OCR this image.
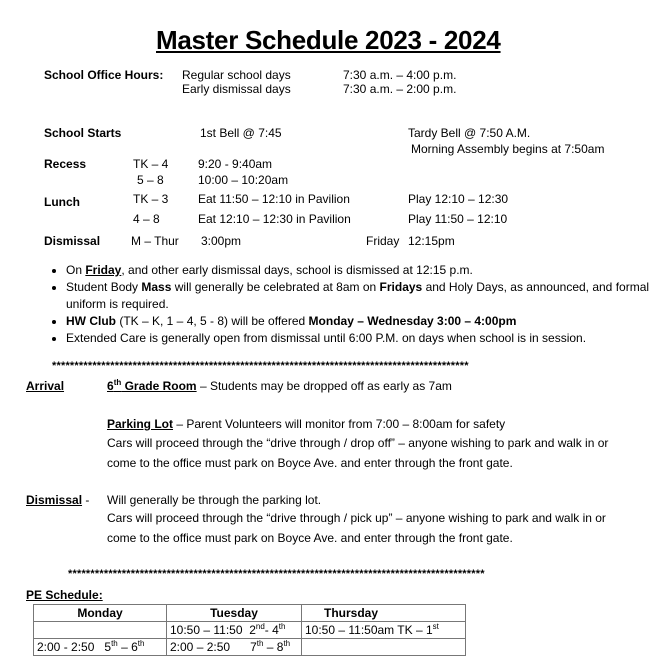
Master Schedule 2023 - 2024
School Office Hours: Regular school days	7:30 a.m. – 4:00 p.m.
Early dismissal days	7:30 a.m. – 2:00 p.m.
School Starts	1st Bell @ 7:45	Tardy Bell @ 7:50 A.M.
Morning Assembly begins at 7:50am
Recess	TK – 4 9:20 - 9:40am
5 – 8	10:00 – 10:20am
Lunch	TK – 3 Eat 11:50 – 12:10 in Pavilion	Play 12:10 – 12:30
4 – 8	Eat 12:10 – 12:30 in Pavilion	Play 11:50 – 12:10
Dismissal	M – Thur 3:00pm	Friday 12:15pm
• On Friday, and other early dismissal days, school is dismissed at 12:15 p.m.
• Student Body Mass will generally be celebrated at 8am on Fridays and Holy Days, as announced, and formal uniform is required.
• HW Club (TK – K, 1 – 4, 5 - 8) will be offered Monday – Wednesday 3:00 – 4:00pm
• Extended Care is generally open from dismissal until 6:00 P.M. on days when school is in session.
*********************************************************************************************
Arrival	6th Grade Room – Students may be dropped off as early as 7am
Parking Lot – Parent Volunteers will monitor from 7:00 – 8:00am for safety
Cars will proceed through the “drive through / drop off” – anyone wishing to park and walk in or come to the office must park on Boyce Ave. and enter through the front gate.
Dismissal - Will generally be through the parking lot.
Cars will proceed through the “drive through / pick up” – anyone wishing to park and walk in or come to the office must park on Boyce Ave. and enter through the front gate.
*********************************************************************************************
PE Schedule:
Monday	Tuesday	Thursday
	10:50 – 11:50 2nd- 4th	10:50 – 11:50am TK – 1st
2:00 - 2:50 5th – 6th	2:00 – 2:50 7th – 8th	
